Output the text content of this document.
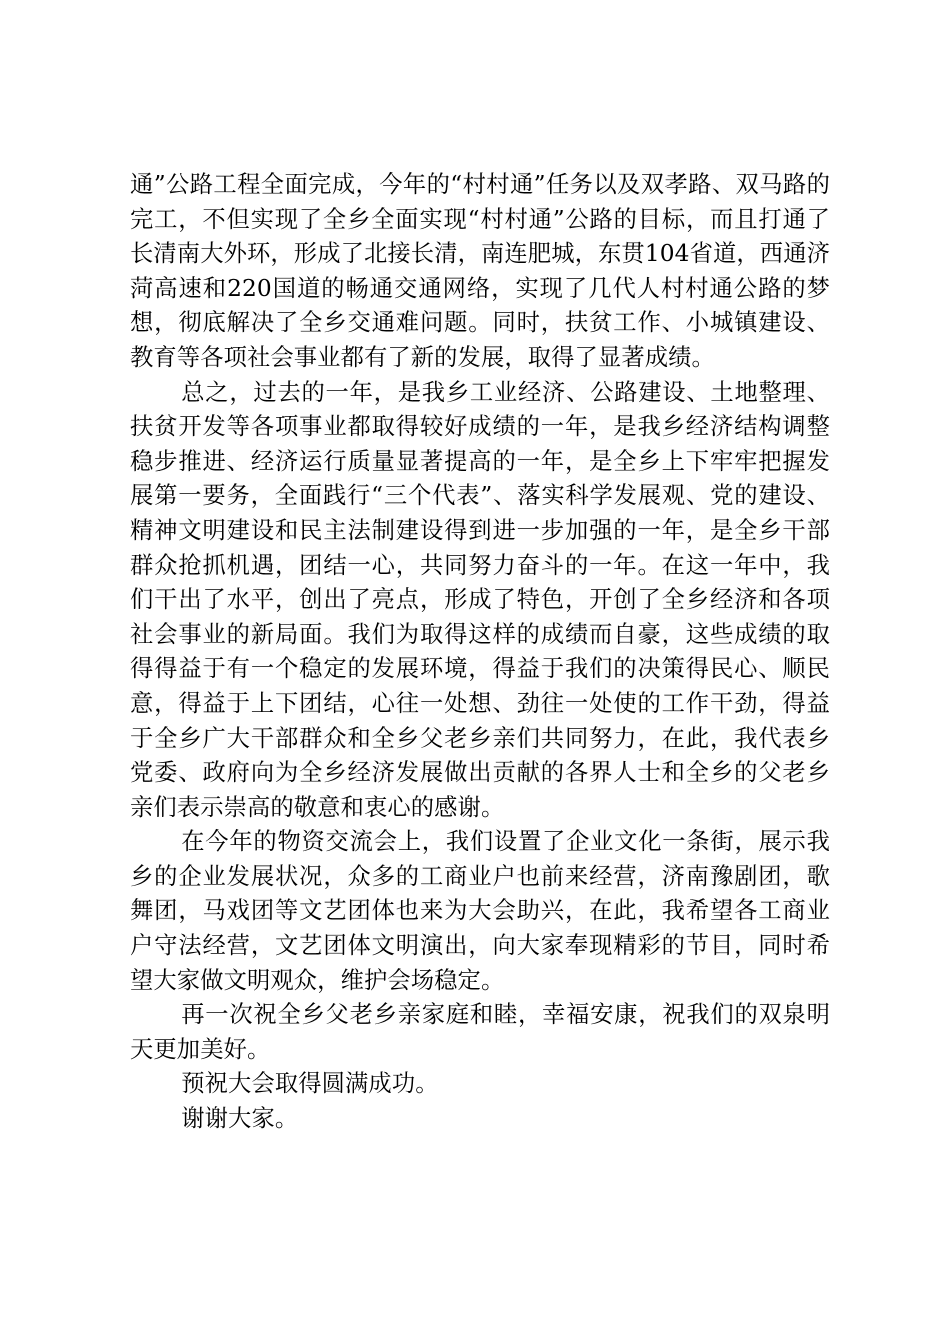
通”公路工程全面完成，今年的“村村通”任务以及双孝路、双马路的完工，不但实现了全乡全面实现“村村通”公路的目标，而且打通了长清南大外环，形成了北接长清，南连肥城，东贯104省道，西通济菏高速和220国道的畅通交通网络，实现了几代人村村通公路的梦想，彻底解决了全乡交通难问题。同时，扶贫工作、小城镇建设、教育等各项社会事业都有了新的发展，取得了显著成绩。

总之，过去的一年，是我乡工业经济、公路建设、土地整理、扶贫开发等各项事业都取得较好成绩的一年，是我乡经济结构调整稳步推进、经济运行质量显著提高的一年，是全乡上下牢牢把握发展第一要务，全面践行“三个代表”、落实科学发展观、党的建设、精神文明建设和民主法制建设得到进一步加强的一年，是全乡干部群众抢抓机遇，团结一心，共同努力奋斗的一年。在这一年中，我们干出了水平，创出了亮点，形成了特色，开创了全乡经济和各项社会事业的新局面。我们为取得这样的成绩而自豪，这些成绩的取得得益于有一个稳定的发展环境，得益于我们的决策得民心、顺民意，得益于上下团结，心往一处想、劲往一处使的工作干劲，得益于全乡广大干部群众和全乡父老乡亲们共同努力，在此，我代表乡党委、政府向为全乡经济发展做出贡献的各界人士和全乡的父老乡亲们表示崇高的敬意和衷心的感谢。

在今年的物资交流会上，我们设置了企业文化一条街，展示我乡的企业发展状况，众多的工商业户也前来经营，济南豫剧团，歌舞团，马戏团等文艺团体也来为大会助兴，在此，我希望各工商业户守法经营，文艺团体文明演出，向大家奉现精彩的节目，同时希望大家做文明观众，维护会场稳定。

再一次祝全乡父老乡亲家庭和睦，幸福安康，祝我们的双泉明天更加美好。

预祝大会取得圆满成功。

谢谢大家。
